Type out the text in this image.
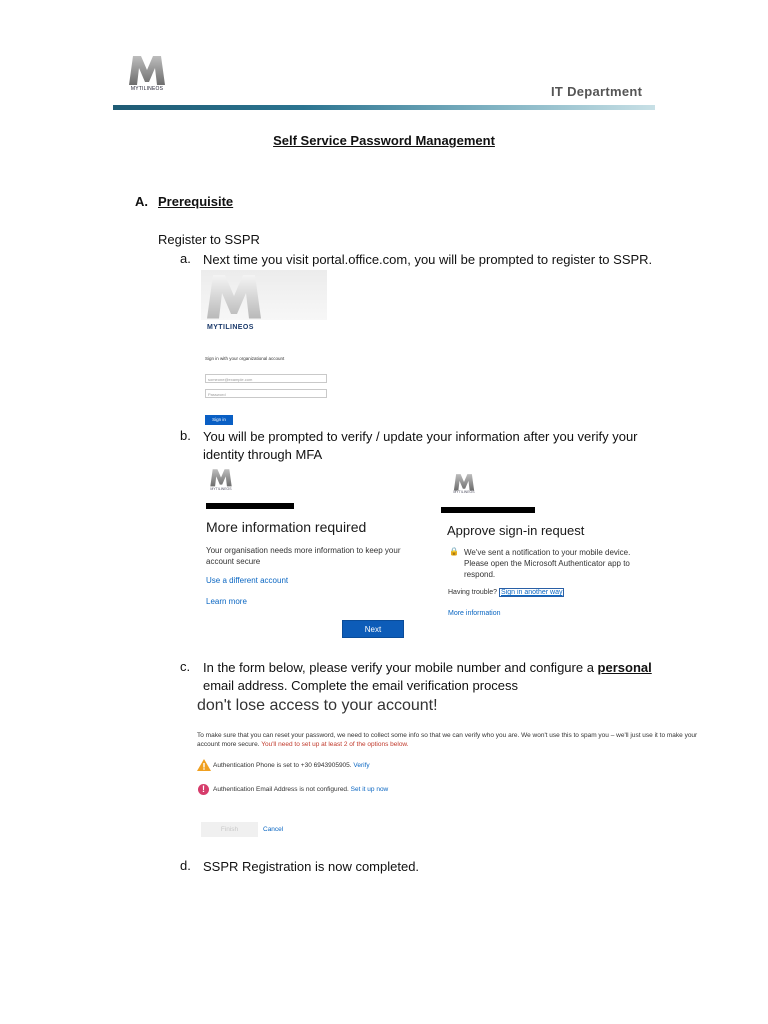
MYTILINEOS	IT Department
Self Service Password Management
A. Prerequisite
Register to SSPR
a. Next time you visit portal.office.com, you will be prompted to register to SSPR.
MYTILINEOS
Sign in with your organizational account
someone@example.com
Password
Sign in
b. You will be prompted to verify / update your information after you verify your
identity through MFA
MYTILINEOS
More information required
Your organisation needs more information to keep your account secure
Use a different account
Learn more
Next
MYTILINEOS
Approve sign-in request
🔒 We've sent a notification to your mobile device. Please open the Microsoft Authenticator app to respond.
Having trouble? Sign in another way
More information
c. In the form below, please verify your mobile number and configure a personal
email address. Complete the email verification process
don't lose access to your account!
To make sure that you can reset your password, we need to collect some info so that we can verify who you are. We won't use this to spam you – we'll just use it to make your account more secure. You'll need to set up at least 2 of the options below.
Authentication Phone is set to +30 6943905905. Verify
!	Authentication Email Address is not configured. Set it up now
Finish	Cancel
d. SSPR Registration is now completed.
